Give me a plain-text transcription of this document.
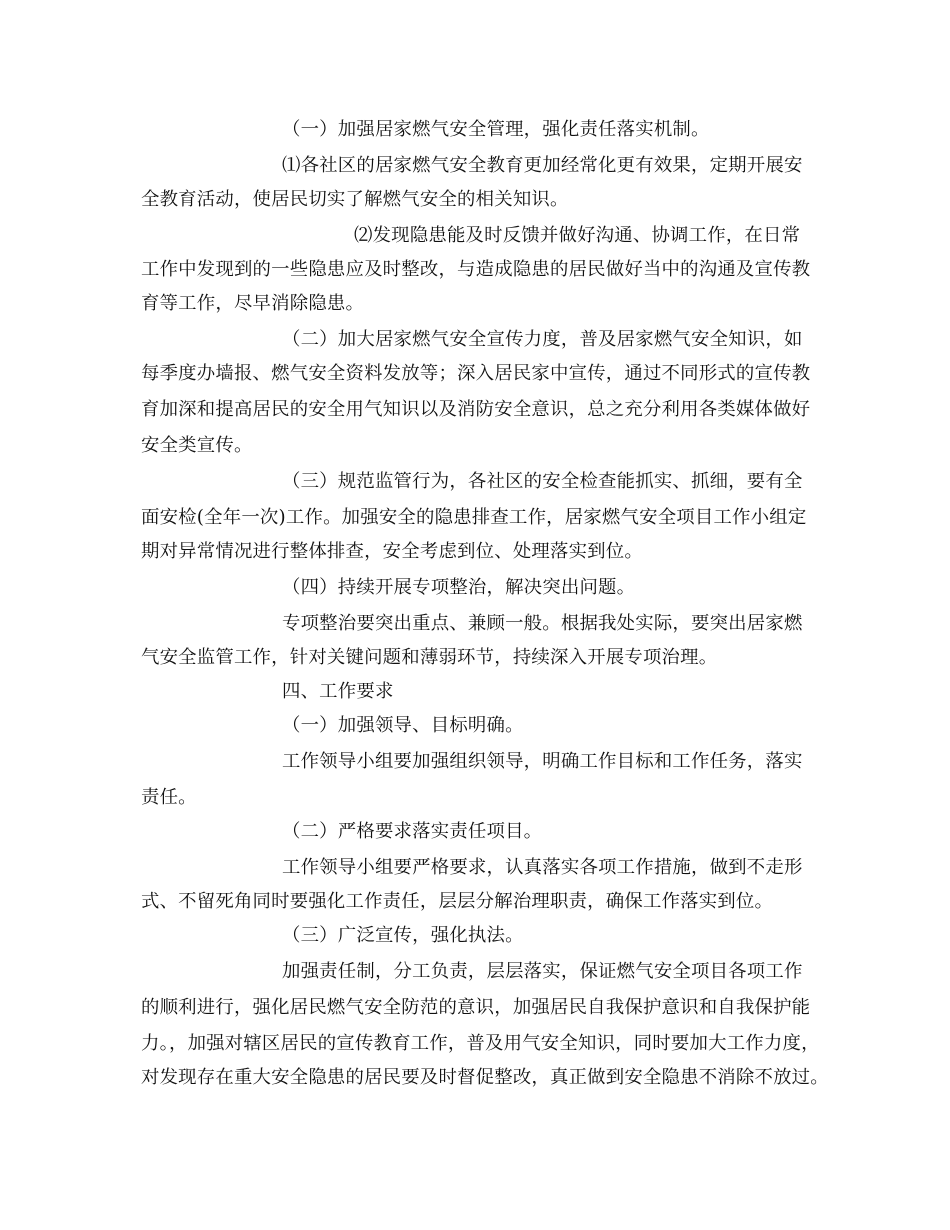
（一）加强居家燃气安全管理，强化责任落实机制。
⑴各社区的居家燃气安全教育更加经常化更有效果，定期开展安
全教育活动，使居民切实了解燃气安全的相关知识。
⑵发现隐患能及时反馈并做好沟通、协调工作，在日常
工作中发现到的一些隐患应及时整改，与造成隐患的居民做好当中的沟通及宣传教
育等工作，尽早消除隐患。
（二）加大居家燃气安全宣传力度，普及居家燃气安全知识，如
每季度办墙报、燃气安全资料发放等；深入居民家中宣传，通过不同形式的宣传教
育加深和提高居民的安全用气知识以及消防安全意识，总之充分利用各类媒体做好
安全类宣传。
（三）规范监管行为，各社区的安全检查能抓实、抓细，要有全
面安检(全年一次)工作。加强安全的隐患排查工作，居家燃气安全项目工作小组定
期对异常情况进行整体排查，安全考虑到位、处理落实到位。
（四）持续开展专项整治，解决突出问题。
专项整治要突出重点、兼顾一般。根据我处实际，要突出居家燃
气安全监管工作，针对关键问题和薄弱环节，持续深入开展专项治理。
四、工作要求
（一）加强领导、目标明确。
工作领导小组要加强组织领导，明确工作目标和工作任务，落实
责任。
（二）严格要求落实责任项目。
工作领导小组要严格要求，认真落实各项工作措施，做到不走形
式、不留死角同时要强化工作责任，层层分解治理职责，确保工作落实到位。
（三）广泛宣传，强化执法。
加强责任制，分工负责，层层落实，保证燃气安全项目各项工作
的顺利进行，强化居民燃气安全防范的意识，加强居民自我保护意识和自我保护能
力。，加强对辖区居民的宣传教育工作，普及用气安全知识，同时要加大工作力度，
对发现存在重大安全隐患的居民要及时督促整改，真正做到安全隐患不消除不放过。
